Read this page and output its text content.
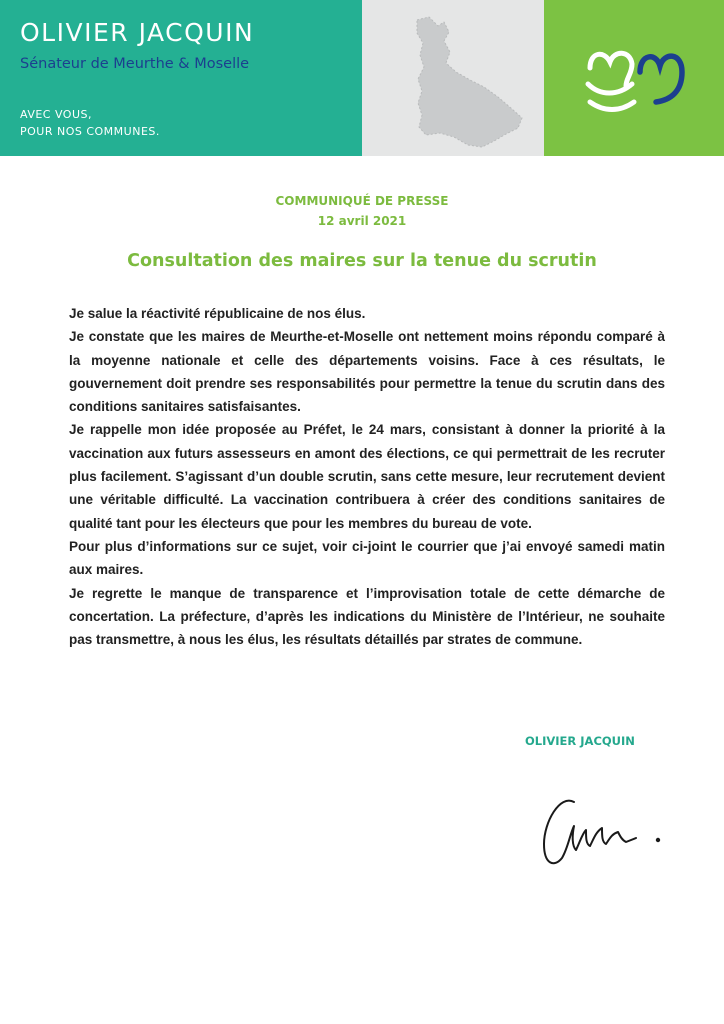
OLIVIER JACQUIN
Sénateur de Meurthe & Moselle
AVEC VOUS,
POUR NOS COMMUNES.
COMMUNIQUÉ DE PRESSE
12 avril 2021
Consultation des maires sur la tenue du scrutin

Je salue la réactivité républicaine de nos élus.

Je constate que les maires de Meurthe-et-Moselle ont nettement moins répondu comparé à la moyenne nationale et celle des départements voisins. Face à ces résultats, le gouvernement doit prendre ses responsabilités pour permettre la tenue du scrutin dans des conditions sanitaires satisfaisantes.

Je rappelle mon idée proposée au Préfet, le 24 mars, consistant à donner la priorité à la vaccination aux futurs assesseurs en amont des élections, ce qui permettrait de les recruter plus facilement. S’agissant d’un double scrutin, sans cette mesure, leur recrutement devient une véritable difficulté. La vaccination contribuera à créer des conditions sanitaires de qualité tant pour les électeurs que pour les membres du bureau de vote.

Pour plus d’informations sur ce sujet, voir ci-joint le courrier que j’ai envoyé samedi matin aux maires.

Je regrette le manque de transparence et l’improvisation totale de cette démarche de concertation. La préfecture, d’après les indications du Ministère de l’Intérieur, ne souhaite pas transmettre, à nous les élus, les résultats détaillés par strates de commune.

OLIVIER JACQUIN
